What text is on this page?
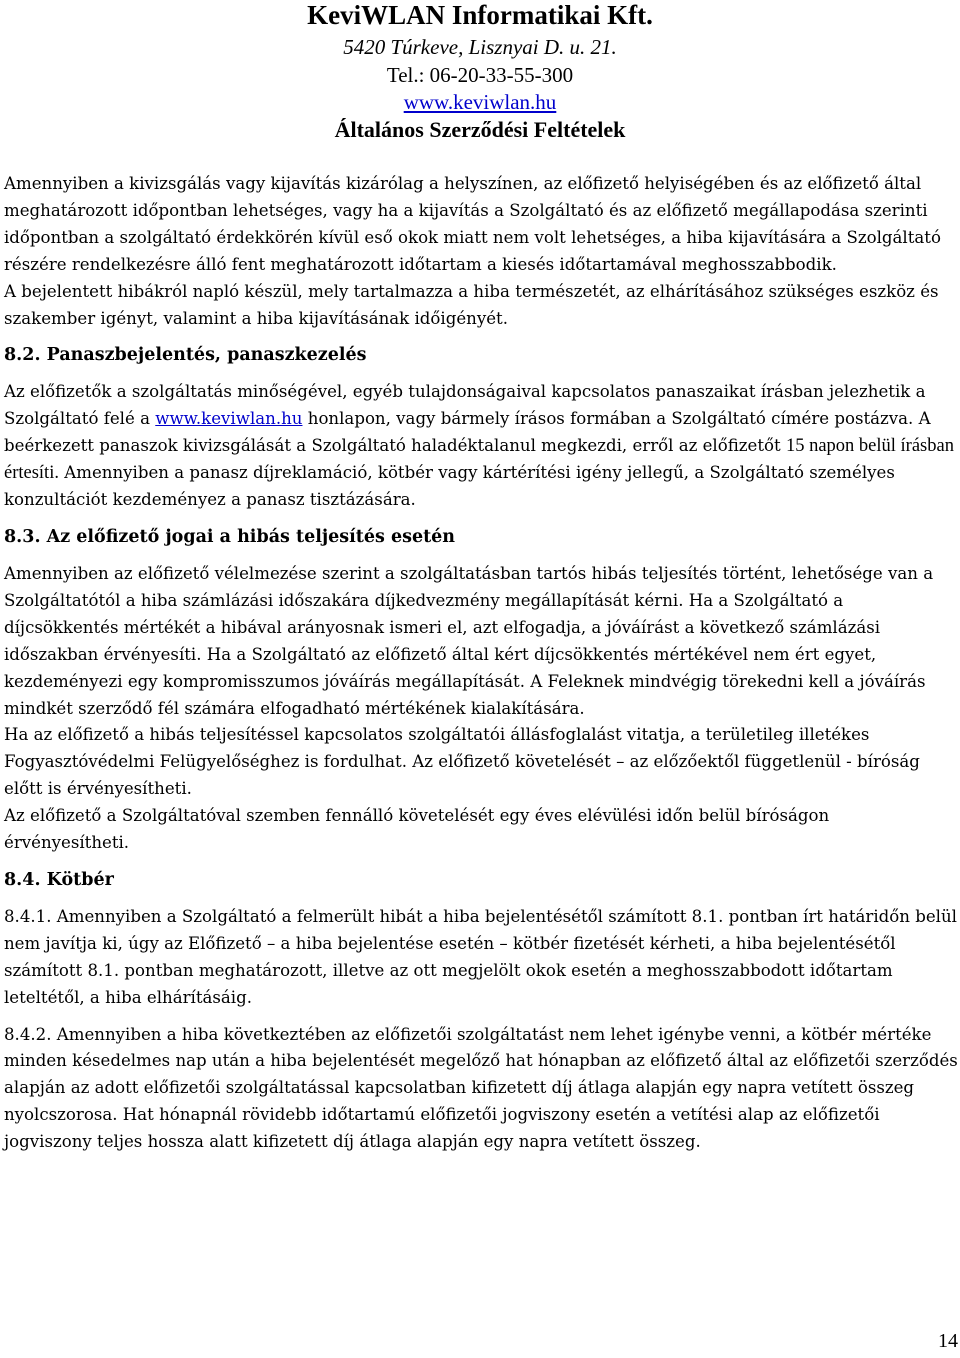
KeviWLAN Informatikai Kft.
5420 Túrkeve, Lisznyai D. u. 21.
Tel.: 06-20-33-55-300
www.keviwlan.hu
Általános Szerződési Feltételek

Amennyiben a kivizsgálás vagy kijavítás kizárólag a helyszínen, az előfizető helyiségében és az előfizető által meghatározott időpontban lehetséges, vagy ha a kijavítás a Szolgáltató és az előfizető megállapodása szerinti időpontban a szolgáltató érdekkörén kívül eső okok miatt nem volt lehetséges, a hiba kijavítására a Szolgáltató részére rendelkezésre álló fent meghatározott időtartam a kiesés időtartamával meghosszabbodik.

A bejelentett hibákról napló készül, mely tartalmazza a hiba természetét, az elhárításához szükséges eszköz és szakember igényt, valamint a hiba kijavításának időigényét.

8.2. Panaszbejelentés, panaszkezelés

Az előfizetők a szolgáltatás minőségével, egyéb tulajdonságaival kapcsolatos panaszaikat írásban jelezhetik a Szolgáltató felé a www.keviwlan.hu honlapon, vagy bármely írásos formában a Szolgáltató címére postázva. A beérkezett panaszok kivizsgálását a Szolgáltató haladéktalanul megkezdi, erről az előfizetőt 15 napon belül írásban értesíti. Amennyiben a panasz díjreklamáció, kötbér vagy kártérítési igény jellegű, a Szolgáltató személyes konzultációt kezdeményez a panasz tisztázására.

8.3. Az előfizető jogai a hibás teljesítés esetén

Amennyiben az előfizető vélelmezése szerint a szolgáltatásban tartós hibás teljesítés történt, lehetősége van a Szolgáltatótól a hiba számlázási időszakára díjkedvezmény megállapítását kérni. Ha a Szolgáltató a díjcsökkentés mértékét a hibával arányosnak ismeri el, azt elfogadja, a jóváírást a következő számlázási időszakban érvényesíti. Ha a Szolgáltató az előfizető által kért díjcsökkentés mértékével nem ért egyet, kezdeményezi egy kompromisszumos jóváírás megállapítását. A Feleknek mindvégig törekedni kell a jóváírás mindkét szerződő fél számára elfogadható mértékének kialakítására.

Ha az előfizető a hibás teljesítéssel kapcsolatos szolgáltatói állásfoglalást vitatja, a területileg illetékes Fogyasztóvédelmi Felügyelőséghez is fordulhat. Az előfizető követelését – az előzőektől függetlenül - bíróság előtt is érvényesítheti.

Az előfizető a Szolgáltatóval szemben fennálló követelését egy éves elévülési időn belül bíróságon érvényesítheti.

8.4. Kötbér

8.4.1. Amennyiben a Szolgáltató a felmerült hibát a hiba bejelentésétől számított 8.1. pontban írt határidőn belül nem javítja ki, úgy az Előfizető – a hiba bejelentése esetén – kötbér fizetését kérheti, a hiba bejelentésétől számított 8.1. pontban meghatározott, illetve az ott megjelölt okok esetén a meghosszabbodott időtartam leteltétől, a hiba elhárításáig.

8.4.2. Amennyiben a hiba következtében az előfizetői szolgáltatást nem lehet igénybe venni, a kötbér mértéke minden késedelmes nap után a hiba bejelentését megelőző hat hónapban az előfizető által az előfizetői szerződés alapján az adott előfizetői szolgáltatással kapcsolatban kifizetett díj átlaga alapján egy napra vetített összeg nyolcszorosa. Hat hónapnál rövidebb időtartamú előfizetői jogviszony esetén a vetítési alap az előfizetői jogviszony teljes hossza alatt kifizetett díj átlaga alapján egy napra vetített összeg.

14
